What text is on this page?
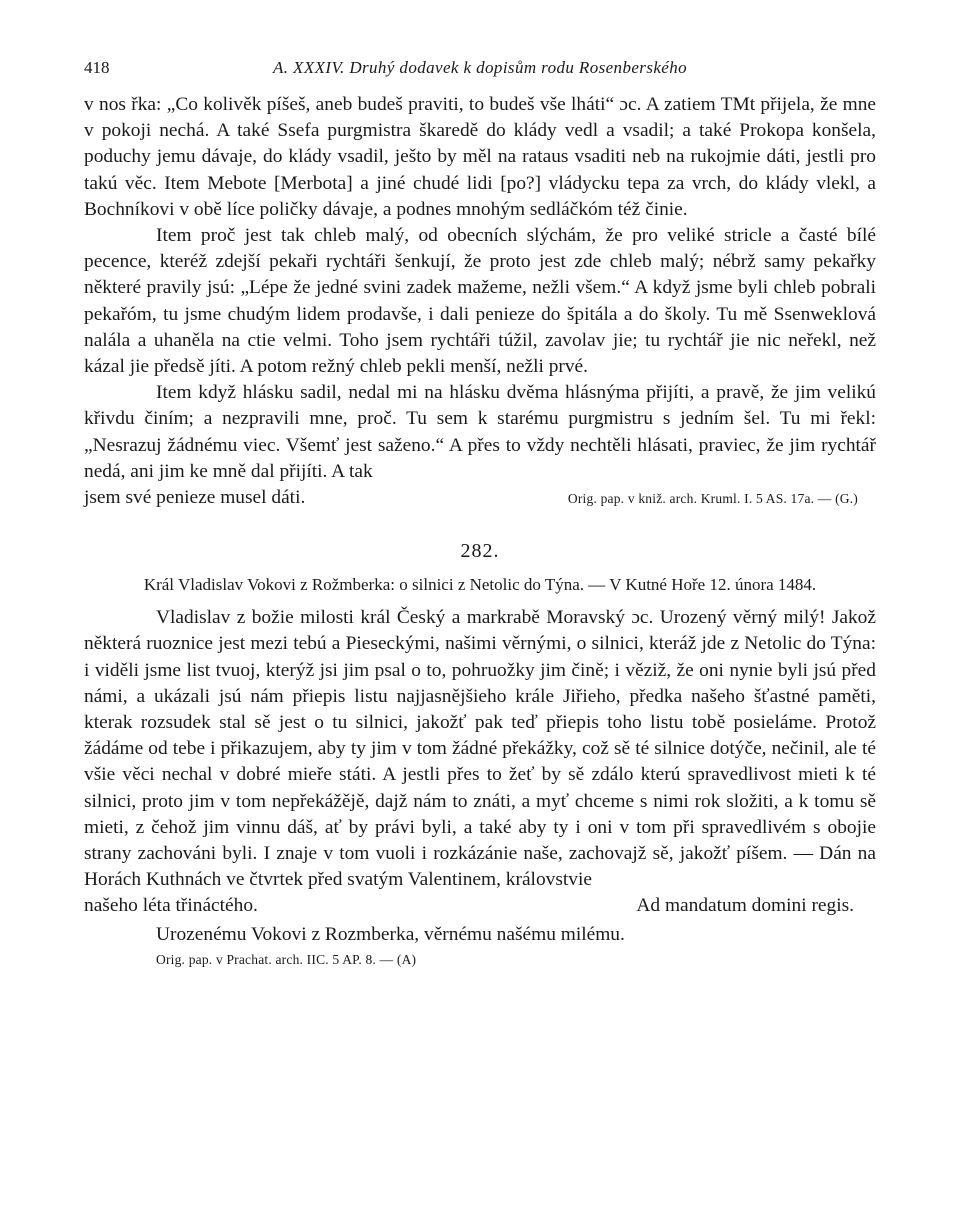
418	A. XXXIV. Druhý dodavek k dopisům rodu Rosenberského

v nos řka: „Co kolivěk píšeš, aneb budeš praviti, to budeš vše lháti“ ɔc. A zatiem TMt přijela, že mne v pokoji nechá. A také Ssefa purgmistra škaredě do klády vedl a vsadil; a také Prokopa konšela, poduchy jemu dávaje, do klády vsadil, ještо by měl na rataus vsaditi neb na rukojmie dáti, jestli pro takú věc. Item Mebote [Merbota] a jiné chudé lidi [po?] vládycku tepa za vrch, do klády vlekl, a Bochníkovi v obě líce poličky dávaje, a podnes mnohým sedláčkóm též činie.

Item proč jest tak chleb malý, od obecních slýchám, že pro veliké stricle a časté bílé pecence, kteréž zdejší pekaři rychtáři šenkují, že proto jest zde chleb malý; nébrž samy pekařky některé pravily jsú: „Lépe že jedné svini zadek mažeme, nežli všem.“ A když jsme byli chleb pobrali pekařóm, tu jsme chudým lidem prodavše, i dali penieze do špitála a do školy. Tu mě Ssenweklová nalála a uhaněla na ctie velmi. Toho jsem rychtáři túžil, zavolav jie; tu rychtář jie nic neřekl, než kázal jie předsě jíti. A potom režný chleb pekli menší, nežli prvé.

Item když hlásku sadil, nedal mi na hlásku dvěma hlásnýma přijíti, a pravě, že jim velikú křivdu činím; a nezpravili mne, proč. Tu sem k starému purgmistru s jedním šel. Tu mi řekl: „Nesrazuj žádnému viec. Všemť jest saženo.“ A přes to vždy nechtěli hlásati, praviec, že jim rychtář nedá, ani jim ke mně dal přijíti. A tak

jsem své penieze musel dáti.	Orig. pap. v kniž. arch. Kruml. I. 5 AS. 17a. — (G.)
282.

Král Vladislav Vokovi z Rožmberka: o silnici z Netolic do Týna. — V Kutné Hoře 12. února 1484.

Vladislav z božie milosti král Český a markrabě Moravský ɔc. Urozený věrný milý! Jakož některá ruoznice jest mezi tebú a Pieseckými, našimi věrnými, o silnici, kteráž jde z Netolic do Týna: i viděli jsme list tvuoj, kterýž jsi jim psal o to, pohruožky jim čině; i věziž, že oni nynie byli jsú před námi, a ukázali jsú nám přiepis listu najjasnějšieho krále Jiřieho, předka našeho šťastné paměti, kterak rozsudek stal sě jest o tu silnici, jakožť pak teď přiepis toho listu tobě posieláme. Protož žádáme od tebe i přikazujem, aby ty jim v tom žádné překážky, což sě té silnice dotýče, nečinil, ale té všie věci nechal v dobré mieře státi. A jestli přes to žeť by sě zdálo kterú spravedlivost mieti k té silnici, proto jim v tom nepřekážějě, dajž nám to znáti, a myť chceme s nimi rok složiti, a k tomu sě mieti, z čehož jim vinnu dáš, ať by právi byli, a také aby ty i oni v tom při spravedlivém s obojie strany zachováni byli. I znaje v tom vuoli i rozkázánie naše, zachovajž sě, jakožť píšem. — Dán na Horách Kuthnách ve čtvrtek před svatým Valentinem, královstvie

našeho léta třináctého.	Ad mandatum domini regis.
Urozenému Vokovi z Rozmberka, věrnému našému milému.
Orig. pap. v Prachat. arch. IIC. 5 AP. 8. — (A)
